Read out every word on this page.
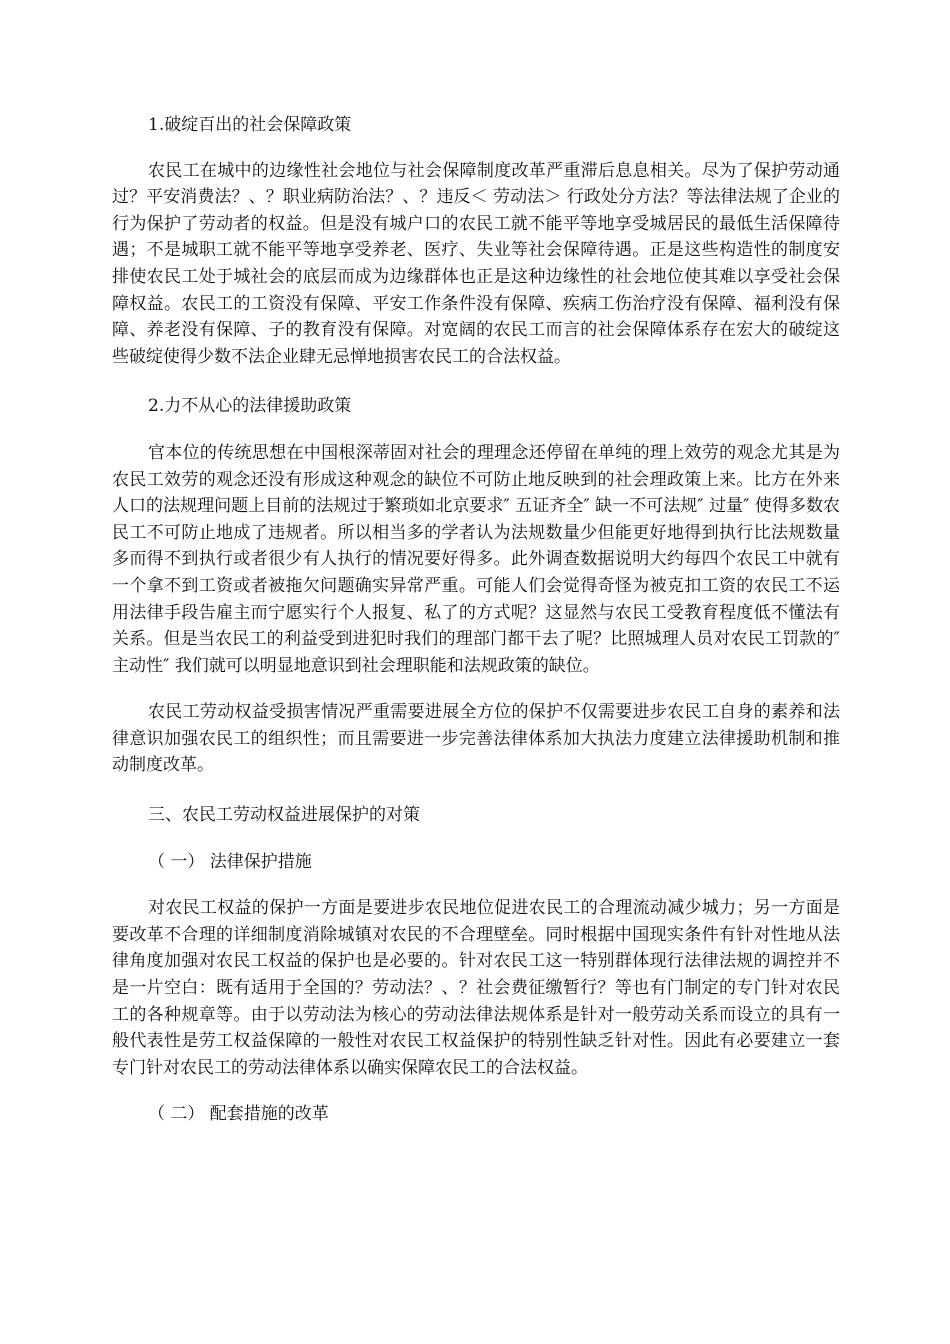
1.破绽百出的社会保障政策

农民工在城中的边缘性社会地位与社会保障制度改革严重滞后息息相关。尽为了保护劳动通过？平安消费法？、？职业病防治法？、？违反＜ 劳动法＞ 行政处分方法？等法律法规了企业的行为保护了劳动者的权益。但是没有城户口的农民工就不能平等地享受城居民的最低生活保障待遇；不是城职工就不能平等地享受养老、医疗、失业等社会保障待遇。正是这些构造性的制度安排使农民工处于城社会的底层而成为边缘群体也正是这种边缘性的社会地位使其难以享受社会保障权益。农民工的工资没有保障、平安工作条件没有保障、疾病工伤治疗没有保障、福利没有保障、养老没有保障、子的教育没有保障。对宽阔的农民工而言的社会保障体系存在宏大的破绽这些破绽使得少数不法企业肆无忌惮地损害农民工的合法权益。

2.力不从心的法律援助政策

官本位的传统思想在中国根深蒂固对社会的理理念还停留在单纯的理上效劳的观念尤其是为农民工效劳的观念还没有形成这种观念的缺位不可防止地反映到的社会理政策上来。比方在外来人口的法规理问题上目前的法规过于繁琐如北京要求″ 五证齐全″ 缺一不可法规″ 过量″ 使得多数农民工不可防止地成了违规者。所以相当多的学者认为法规数量少但能更好地得到执行比法规数量多而得不到执行或者很少有人执行的情况要好得多。此外调查数据说明大约每四个农民工中就有一个拿不到工资或者被拖欠问题确实异常严重。可能人们会觉得奇怪为被克扣工资的农民工不运用法律手段告雇主而宁愿实行个人报复、私了的方式呢？这显然与农民工受教育程度低不懂法有关系。但是当农民工的利益受到进犯时我们的理部门都干去了呢？比照城理人员对农民工罚款的″ 主动性″ 我们就可以明显地意识到社会理职能和法规政策的缺位。

农民工劳动权益受损害情况严重需要进展全方位的保护不仅需要进步农民工自身的素养和法律意识加强农民工的组织性；而且需要进一步完善法律体系加大执法力度建立法律援助机制和推动制度改革。

三、农民工劳动权益进展保护的对策

（ 一） 法律保护措施

对农民工权益的保护一方面是要进步农民地位促进农民工的合理流动减少城力；另一方面是要改革不合理的详细制度消除城镇对农民的不合理壁垒。同时根据中国现实条件有针对性地从法律角度加强对农民工权益的保护也是必要的。针对农民工这一特别群体现行法律法规的调控并不是一片空白：既有适用于全国的？劳动法？、？社会费征缴暂行？等也有门制定的专门针对农民工的各种规章等。由于以劳动法为核心的劳动法律法规体系是针对一般劳动关系而设立的具有一般代表性是劳工权益保障的一般性对农民工权益保护的特别性缺乏针对性。因此有必要建立一套专门针对农民工的劳动法律体系以确实保障农民工的合法权益。

（ 二） 配套措施的改革
